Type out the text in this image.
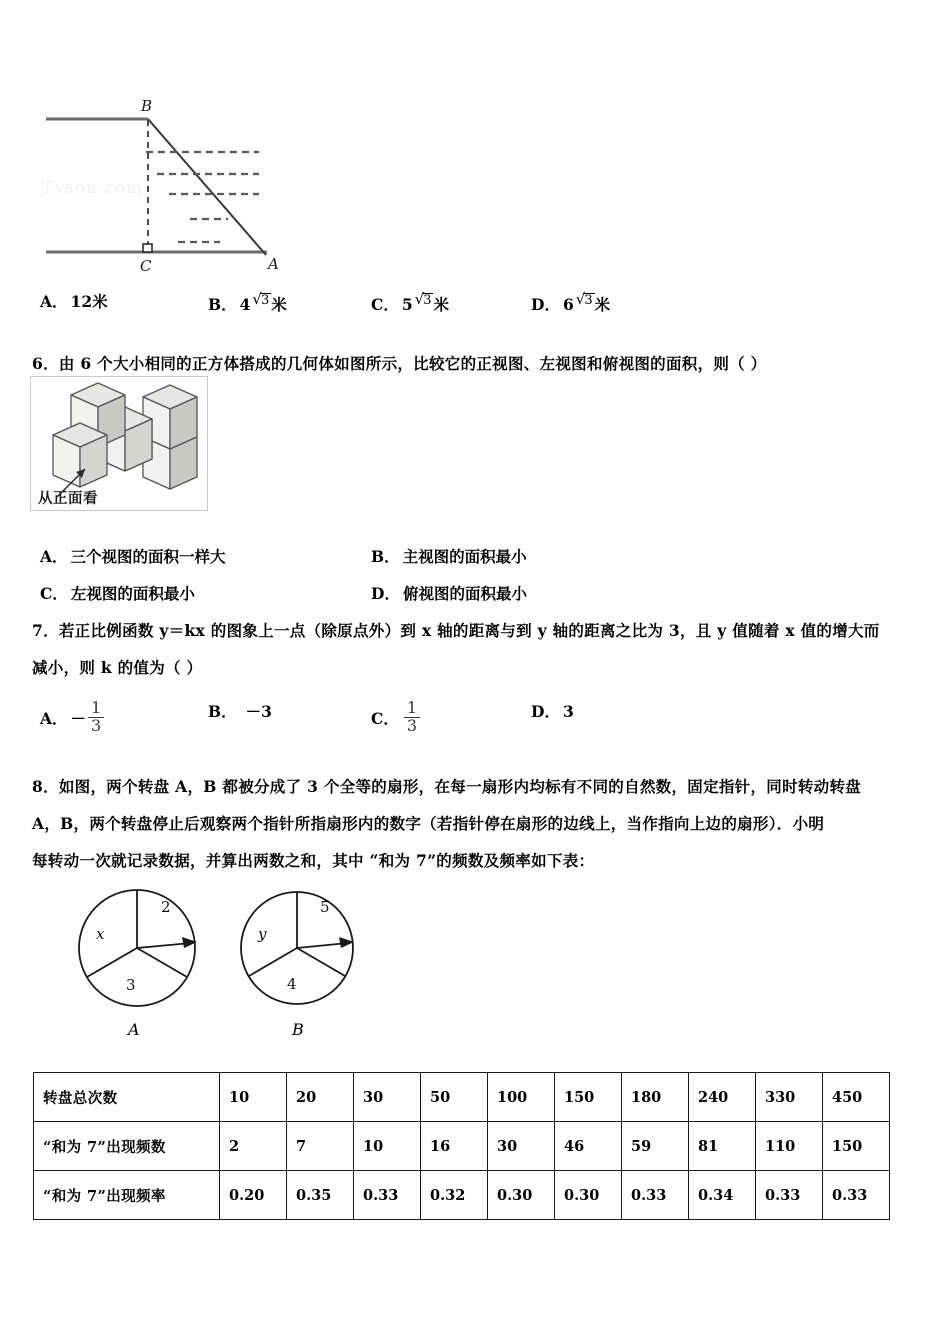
B
C	A
Tyson.com
A． 12米	B． 4 √3 米	C． 5 √3 米	D． 6 √3 米
6．由 6 个大小相同的正方体搭成的几何体如图所示，比较它的正视图、左视图和俯视图的面积，则（ ）
从正面看
A． 三个视图的面积一样大	B． 主视图的面积最小
C． 左视图的面积最小	D． 俯视图的面积最小
7．若正比例函数 y＝kx 的图象上一点（除原点外）到 x 轴的距离与到 y 轴的距离之比为 3，且 y 值随着 x 值的增大而
减小，则 k 的值为（ ）
A． － $\frac{1}{3}$	B． －3	C． $\frac{1}{3}$	D． 3
8．如图，两个转盘 A，B 都被分成了 3 个全等的扇形，在每一扇形内均标有不同的自然数，固定指针，同时转动转盘
A，B，两个转盘停止后观察两个指针所指扇形内的数字（若指针停在扇形的边线上，当作指向上边的扇形）．小明
每转动一次就记录数据，并算出两数之和，其中 “和为 7”的频数及频率如下表：
2
3
x
5
4
y
A	B
转盘总次数	10	20	30	50	100	150	180	240	330	450
“和为 7”出现频数	2	7	10	16	30	46	59	81	110	150
“和为 7”出现频率	0.20	0.35	0.33	0.32	0.30	0.30	0.33	0.34	0.33	0.33
